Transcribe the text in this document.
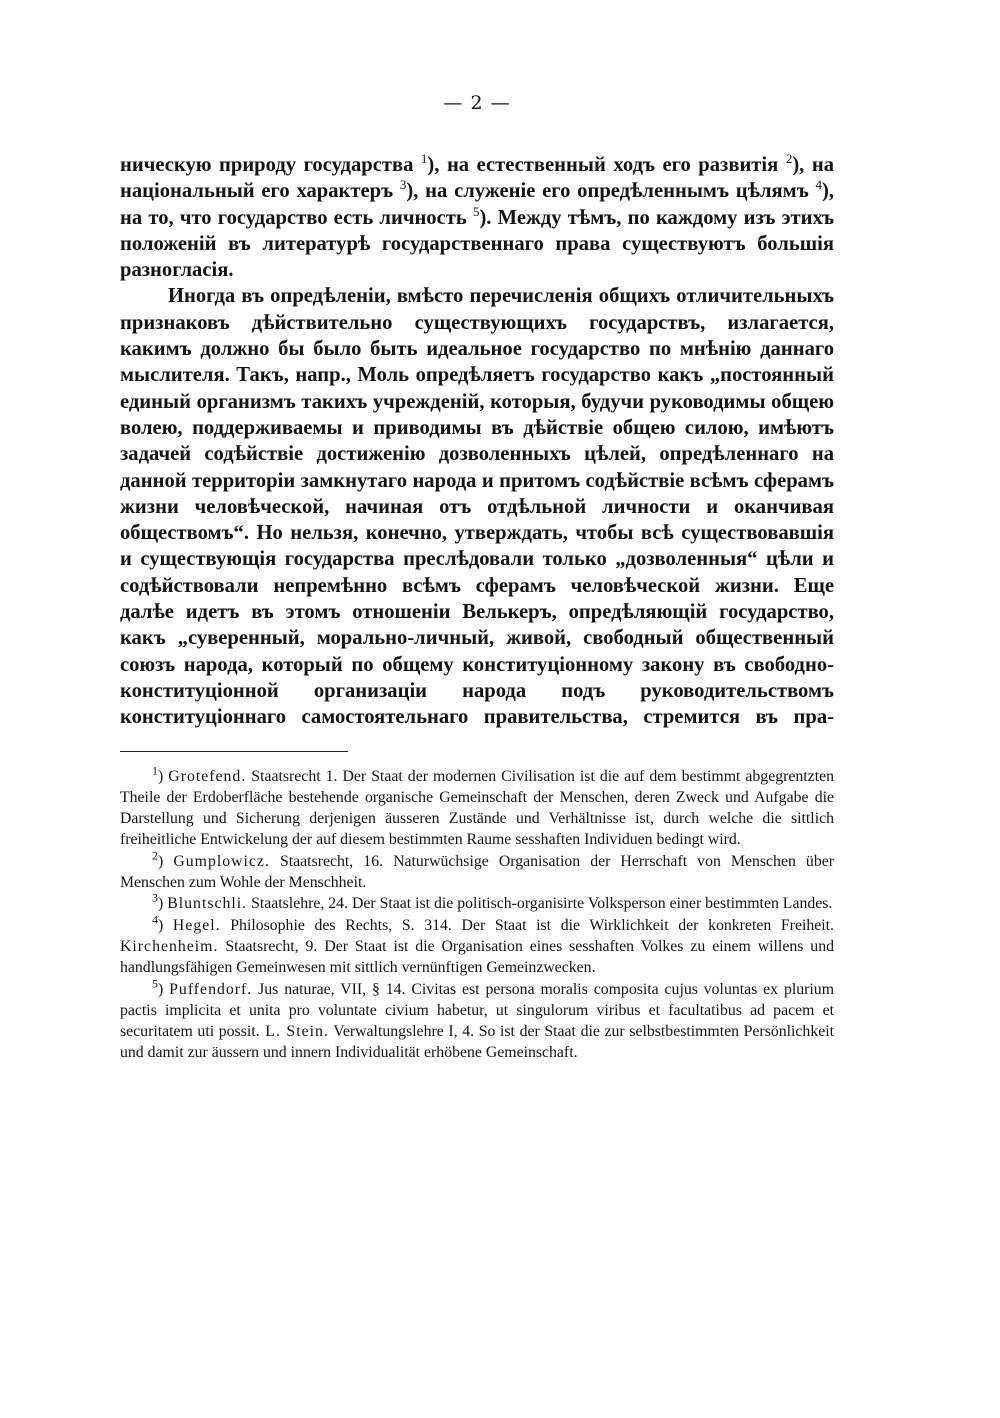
— 2 —

ническую природу государства $^1$), на естественный ходъ его развитія $^2$), на національный его характеръ $^3$), на служеніе его опредѣленнымъ цѣлямъ $^4$), на то, что государство есть личность $^5$). Между тѣмъ, по каждому изъ этихъ положеній въ литературѣ государственнаго права существуютъ большія разногласія.

Иногда въ опредѣленіи, вмѣсто перечисленія общихъ отличительныхъ признаковъ дѣйствительно существующихъ государствъ, излагается, какимъ должно бы было быть идеальное государство по мнѣнію даннаго мыслителя. Такъ, напр., Моль опредѣляетъ государство какъ „постоянный единый организмъ такихъ учрежденій, которыя, будучи руководимы общею волею, поддерживаемы и приводимы въ дѣйствіе общею силою, имѣютъ задачей содѣйствіе достиженію дозволенныхъ цѣлей, опредѣленнаго на данной территоріи замкнутаго народа и притомъ содѣйствіе всѣмъ сферамъ жизни человѣческой, начиная отъ отдѣльной личности и оканчивая обществомъ“. Но нельзя, конечно, утверждать, чтобы всѣ существовавшія и существующія государства преслѣдовали только „дозволенныя“ цѣли и содѣйствовали непремѣнно всѣмъ сферамъ человѣческой жизни. Еще далѣе идетъ въ этомъ отношеніи Велькеръ, опредѣляющій государство, какъ „суверенный, морально-личный, живой, свободный общественный союзъ народа, который по общему конституціонному закону въ свободно-конституціонной организаціи народа подъ руководительствомъ конституціоннаго самостоятельнаго правительства, стремится въ пра-

$^1$) Grotefend. Staatsrecht 1. Der Staat der modernen Civilisation ist die auf dem bestimmt abgegrentzten Theile der Erdoberfläche bestehende organische Gemeinschaft der Menschen, deren Zweck und Aufgabe die Darstellung und Sicherung derjenigen äusseren Zustände und Verhältnisse ist, durch welche die sittlich freiheitliche Entwickelung der auf diesem bestimmten Raume sesshaften Individuen bedingt wird.

$^2$) Gumplowicz. Staatsrecht, 16. Naturwüchsige Organisation der Herrschaft von Menschen über Menschen zum Wohle der Menschheit.

$^3$) Bluntschli. Staatslehre, 24. Der Staat ist die politisch-organisirte Volksperson einer bestimmten Landes.

$^4$) Hegel. Philosophie des Rechts, S. 314. Der Staat ist die Wirklichkeit der konkreten Freiheit. Kirchenheim. Staatsrecht, 9. Der Staat ist die Organisation eines sesshaften Volkes zu einem willens und handlungsfähigen Gemeinwesen mit sittlich vernünftigen Gemeinzwecken.

$^5$) Puffendorf. Jus naturae, VII, § 14. Civitas est persona moralis composita cujus voluntas ex plurium pactis implicita et unita pro voluntate civium habetur, ut singulorum viribus et facultatibus ad pacem et securitatem uti possit. L. Stein. Verwaltungslehre I, 4. So ist der Staat die zur selbstbestimmten Persönlichkeit und damit zur äussern und innern Individualität erhöbene Gemeinschaft.
